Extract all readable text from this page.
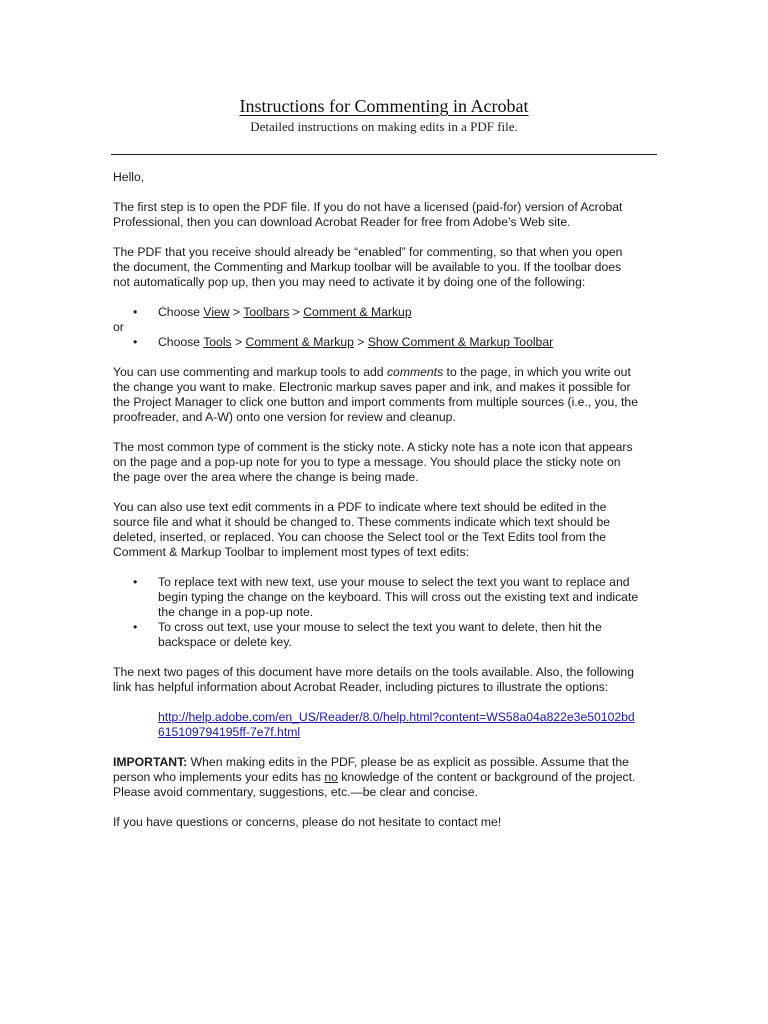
Instructions for Commenting in Acrobat
Detailed instructions on making edits in a PDF file.

Hello,

The first step is to open the PDF file. If you do not have a licensed (paid-for) version of Acrobat
Professional, then you can download Acrobat Reader for free from Adobe’s Web site.

The PDF that you receive should already be “enabled” for commenting, so that when you open
the document, the Commenting and Markup toolbar will be available to you. If the toolbar does
not automatically pop up, then you may need to activate it by doing one of the following:

• Choose View > Toolbars > Comment & Markup
or
• Choose Tools > Comment & Markup > Show Comment & Markup Toolbar

You can use commenting and markup tools to add comments to the page, in which you write out
the change you want to make. Electronic markup saves paper and ink, and makes it possible for
the Project Manager to click one button and import comments from multiple sources (i.e., you, the
proofreader, and A-W) onto one version for review and cleanup.

The most common type of comment is the sticky note. A sticky note has a note icon that appears
on the page and a pop-up note for you to type a message. You should place the sticky note on
the page over the area where the change is being made.

You can also use text edit comments in a PDF to indicate where text should be edited in the
source file and what it should be changed to. These comments indicate which text should be
deleted, inserted, or replaced. You can choose the Select tool or the Text Edits tool from the
Comment & Markup Toolbar to implement most types of text edits:

• To replace text with new text, use your mouse to select the text you want to replace and
begin typing the change on the keyboard. This will cross out the existing text and indicate
the change in a pop-up note.
• To cross out text, use your mouse to select the text you want to delete, then hit the
backspace or delete key.

The next two pages of this document have more details on the tools available. Also, the following
link has helpful information about Acrobat Reader, including pictures to illustrate the options:

http://help.adobe.com/en_US/Reader/8.0/help.html?content=WS58a04a822e3e50102bd
615109794195ff-7e7f.html

IMPORTANT: When making edits in the PDF, please be as explicit as possible. Assume that the
person who implements your edits has no knowledge of the content or background of the project.
Please avoid commentary, suggestions, etc.—be clear and concise.

If you have questions or concerns, please do not hesitate to contact me!
